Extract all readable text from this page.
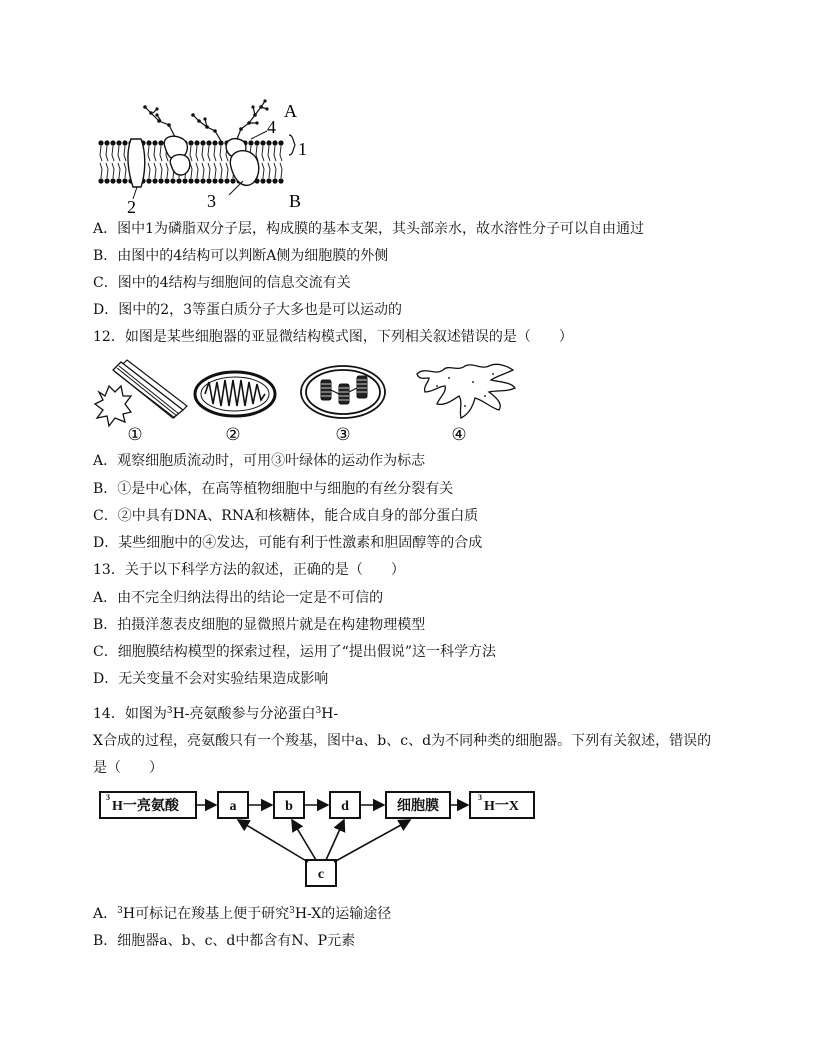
A
4
1
2	3	B
A．图中1为磷脂双分子层，构成膜的基本支架，其头部亲水，故水溶性分子可以自由通过
B．由图中的4结构可以判断A侧为细胞膜的外侧
C．图中的4结构与细胞间的信息交流有关
D．图中的2，3等蛋白质分子大多也是可以运动的
12．如图是某些细胞器的亚显微结构模式图，下列相关叙述错误的是（　　）
①	②	③	④
A．观察细胞质流动时，可用③叶绿体的运动作为标志
B．①是中心体，在高等植物细胞中与细胞的有丝分裂有关
C．②中具有DNA、RNA和核糖体，能合成自身的部分蛋白质
D．某些细胞中的④发达，可能有利于性激素和胆固醇等的合成
13．关于以下科学方法的叙述，正确的是（　　）
A．由不完全归纳法得出的结论一定是不可信的
B．拍摄洋葱表皮细胞的显微照片就是在构建物理模型
C．细胞膜结构模型的探索过程，运用了“提出假说”这一科学方法
D．无关变量不会对实验结果造成影响
14．如图为$^3$H-亮氨酸参与分泌蛋白$^3$H-
X合成的过程，亮氨酸只有一个羧基，图中a、b、c、d为不同种类的细胞器。下列有关叙述，错误的
是（　　）
3
H一亮氨酸	a	b	d	细胞膜
3
H一X
c
A．$^3$H可标记在羧基上便于研究$^3$H-X的运输途径
B．细胞器a、b、c、d中都含有N、P元素
